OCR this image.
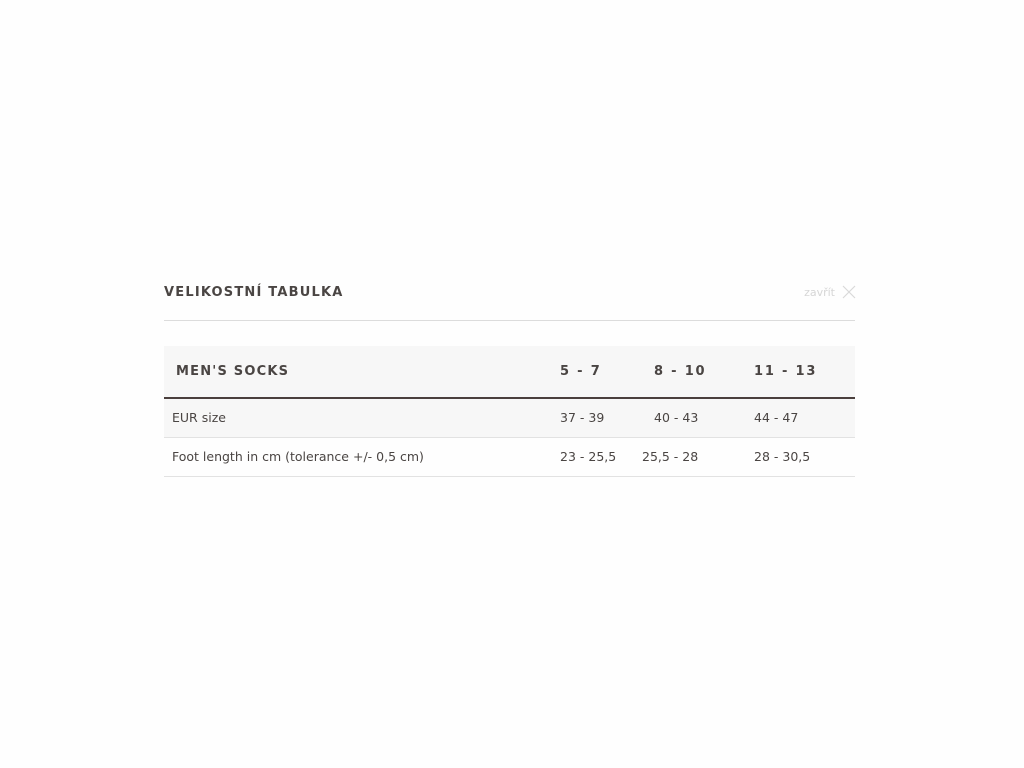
VELIKOSTNÍ TABULKA	zavřít
MEN'S SOCKS	5 - 7	8 - 10	11 - 13
EUR size	37 - 39	40 - 43	44 - 47
Foot length in cm (tolerance +/- 0,5 cm)	23 - 25,5	25,5 - 28	28 - 30,5
